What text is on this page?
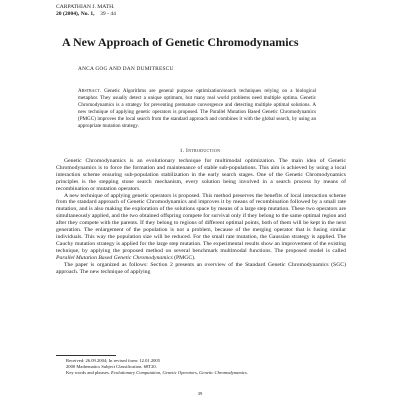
CARPATHIAN J. MATH.
20 (2004), No. 1, 39 - 44
A New Approach of Genetic Chromodynamics
ANCA GOG AND DAN DUMITRESCU
Abstract. Genetic Algorithms are general purpose optimization/search techniques relying on a biological metaphor. They usually detect a unique optimum, but many real world problems need multiple optima. Genetic Chromodynamics is a strategy for preventing premature convergence and detecting multiple optimal solutions. A new technique of applying genetic operators is proposed. The Parallel Mutation Based Genetic Chromodynamics (PMGC) improves the local search from the standard approach and combines it with the global search, by using an appropriate mutation strategy.
1. Introduction

Genetic Chromodynamics is an evolutionary technique for multimodal optimization. The main idea of Genetic Chromodynamics is to force the formation and maintenance of stable sub-populations. This aim is achieved by using a local interaction scheme ensuring sub-population stabilization in the early search stages. One of the Genetic Chromodynamics principles is the stepping stone search mechanism, every solution being involved in a search process by means of recombination or mutation operators.

A new technique of applying genetic operators is proposed. This method preserves the benefits of local interaction scheme from the standard approach of Genetic Chromodynamics and improves it by means of recombination followed by a small rate mutation, and is also making the exploration of the solutions space by means of a large step mutation. These two operators are simultaneously applied, and the two obtained offspring compete for survival only if they belong to the same optimal region and after they compete with the parents. If they belong to regions of different optimal points, both of them will be kept in the next generation. The enlargement of the population is not a problem, because of the merging operator that is fusing similar individuals. This way the population size will be reduced. For the small rate mutation, the Gaussian strategy is applied. The Cauchy mutation strategy is applied for the large step mutation. The experimental results show an improvement of the existing technique, by applying the proposed method on several benchmark multimodal functions. The proposed model is called Parallel Mutation Based Genetic Chromodynamics (PMGC).

The paper is organized as follows: Section 2 presents an overview of the Standard Genetic Chromodynamics (SGC) approach. The new technique of applying

Received: 26.09.2004; In revised form: 12.01.2005
2000 Mathematics Subject Classification. 68T20.
Key words and phrases. Evolutionary Computation, Genetic Operators, Genetic Chromodynamics.
39
